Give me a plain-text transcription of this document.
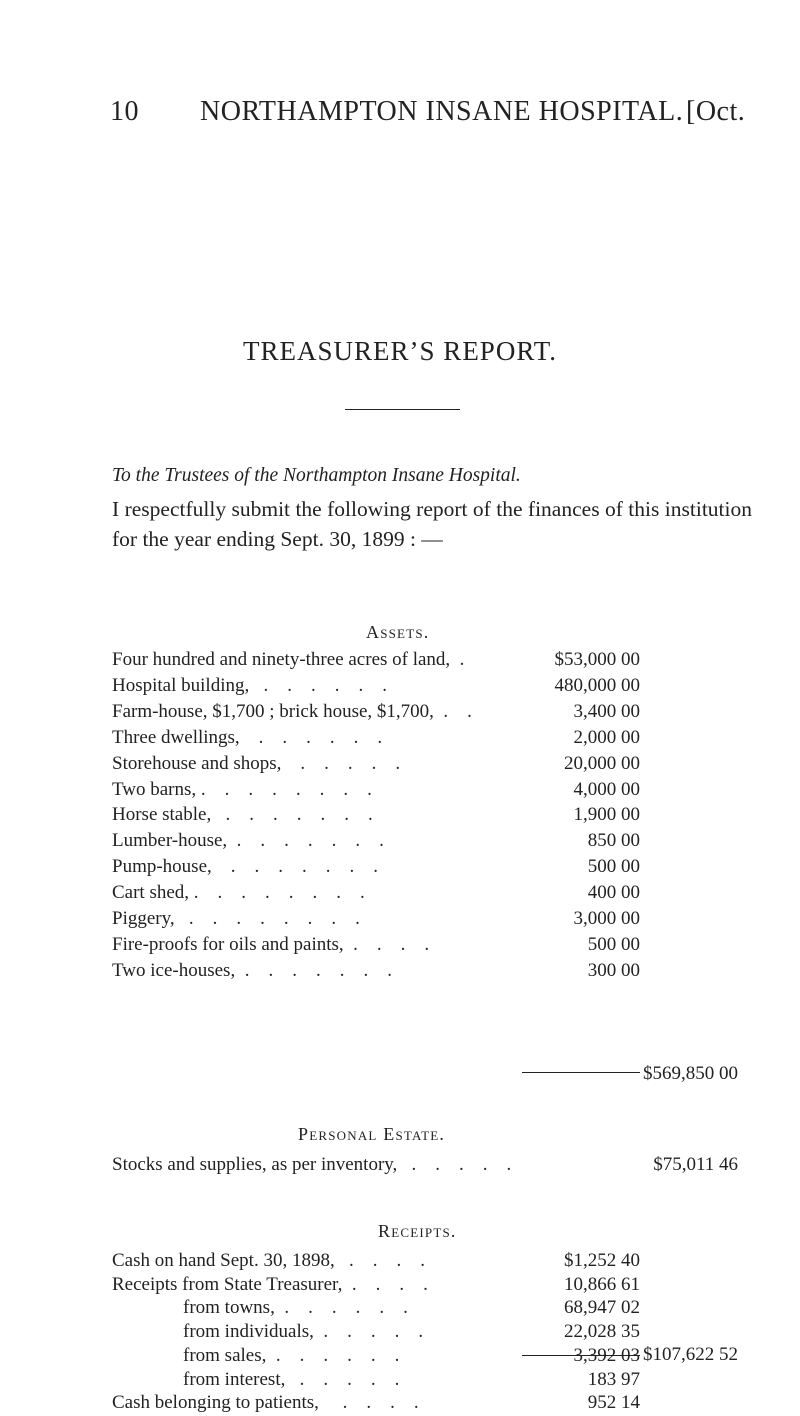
10 NORTHAMPTON INSANE HOSPITAL. [Oct.
TREASURER’S REPORT.
To the Trustees of the Northampton Insane Hospital.
I respectfully submit the following report of the finances of this institution for the year ending Sept. 30, 1899 : —
Assets.
Four hundred and ninety-three acres of land,  .	$53,000 00
Hospital building,   .    .    .    .    .    .	480,000 00
Farm-house, $1,700 ; brick house, $1,700,  .    .	3,400 00
Three dwellings,    .    .    .    .    .    .	2,000 00
Storehouse and shops,    .    .    .    .    .	20,000 00
Two barns, .    .    .    .    .    .    .    .	4,000 00
Horse stable,   .    .    .    .    .    .    .	1,900 00
Lumber-house,  .    .    .    .    .    .    .	850 00
Pump-house,    .    .    .    .    .    .    .	500 00
Cart shed, .    .    .    .    .    .    .    .	400 00
Piggery,   .    .    .    .    .    .    .    .	3,000 00
Fire-proofs for oils and paints,  .    .    .    .	500 00
Two ice-houses,  .    .    .    .    .    .    .	300 00
$569,850 00
Personal Estate.
Stocks and supplies, as per inventory,   .    .    .    .    .	$75,011 46
Receipts.
Cash on hand Sept. 30, 1898,   .    .    .    .	$1,252 40
Receipts from State Treasurer,  .    .    .    .	10,866 61
from towns,  .    .    .    .    .    .	68,947 02
from individuals,  .    .    .    .    .	22,028 35
from sales,  .    .    .    .    .    .	3,392 03
from interest,   .    .    .    .    .	183 97
Cash belonging to patients,     .    .    .    .	952 14
$107,622 52
